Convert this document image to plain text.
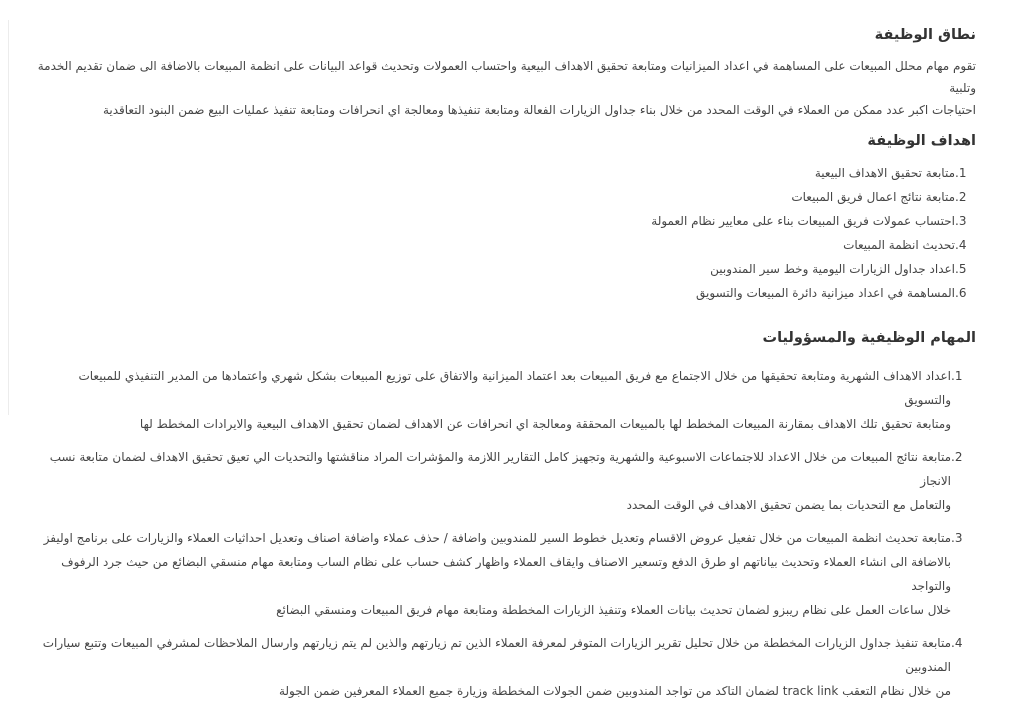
نطاق الوظيفة

تقوم مهام محلل المبيعات على المساهمة في اعداد الميزانيات ومتابعة تحقيق الاهداف البيعية واحتساب العمولات وتحديث قواعد البيانات على انظمة المبيعات بالاضافة الى ضمان تقديم الخدمة وتلبية

احتياجات اكبر عدد ممكن من العملاء في الوقت المحدد من خلال بناء جداول الزيارات الفعالة ومتابعة تنفيذها ومعالجة اي انحرافات ومتابعة تنفيذ عمليات البيع ضمن البنود التعاقدية

اهداف الوظيفة
1 .
متابعة تحقيق الاهداف البيعية
2 .
متابعة نتائج اعمال فريق المبيعات
3 .
احتساب عمولات فريق المبيعات بناء على معايير نظام العمولة
4 .
تحديث انظمة المبيعات
5 .
اعداد جداول الزيارات اليومية وخط سير المندوبين
6 .
المساهمة في اعداد ميزانية دائرة المبيعات والتسويق
المهام الوظيفية والمسؤوليات
1 .

اعداد الاهداف الشهرية ومتابعة تحقيقها من خلال الاجتماع مع فريق المبيعات بعد اعتماد الميزانية والاتفاق على توزيع المبيعات بشكل شهري واعتمادها من المدير التنفيذي للمبيعات والتسويق

ومتابعة تحقيق تلك الاهداف بمقارنة المبيعات المخطط لها بالمبيعات المحققة ومعالجة اي انحرافات عن الاهداف لضمان تحقيق الاهداف البيعية والايرادات المخطط لها

2 .

متابعة نتائج المبيعات من خلال الاعداد للاجتماعات الاسبوعية والشهرية وتجهيز كامل التقارير اللازمة والمؤشرات المراد مناقشتها والتحديات الي تعيق تحقيق الاهداف لضمان متابعة نسب الانجاز

والتعامل مع التحديات بما يضمن تحقيق الاهداف في الوقت المحدد

3 .

متابعة تحديث انظمة المبيعات من خلال تفعيل عروض الاقسام وتعديل خطوط السير للمندوبين واضافة / حذف عملاء واضافة اصناف وتعديل احداثيات العملاء والزيارات على برنامج اوليفز

بالاضافة الى انشاء العملاء وتحديث بياناتهم او طرق الدفع وتسعير الاصناف وايقاف العملاء واظهار كشف حساب على نظام الساب ومتابعة مهام منسقي البضائع من حيث جرد الرفوف والتواجد

خلال ساعات العمل على نظام ريبزو لضمان تحديث بيانات العملاء وتنفيذ الزيارات المخططة ومتابعة مهام فريق المبيعات ومنسقي البضائع

4 .

متابعة تنفيذ جداول الزيارات المخططة من خلال تحليل تقرير الزيارات المتوفر لمعرفة العملاء الذين تم زيارتهم والذين لم يتم زيارتهم وارسال الملاحظات لمشرفي المبيعات وتتبع سيارات المندوبين

من خلال نظام التعقب track link لضمان التاكد من تواجد المندوبين ضمن الجولات المخططة وزيارة جميع العملاء المعرفين ضمن الجولة
